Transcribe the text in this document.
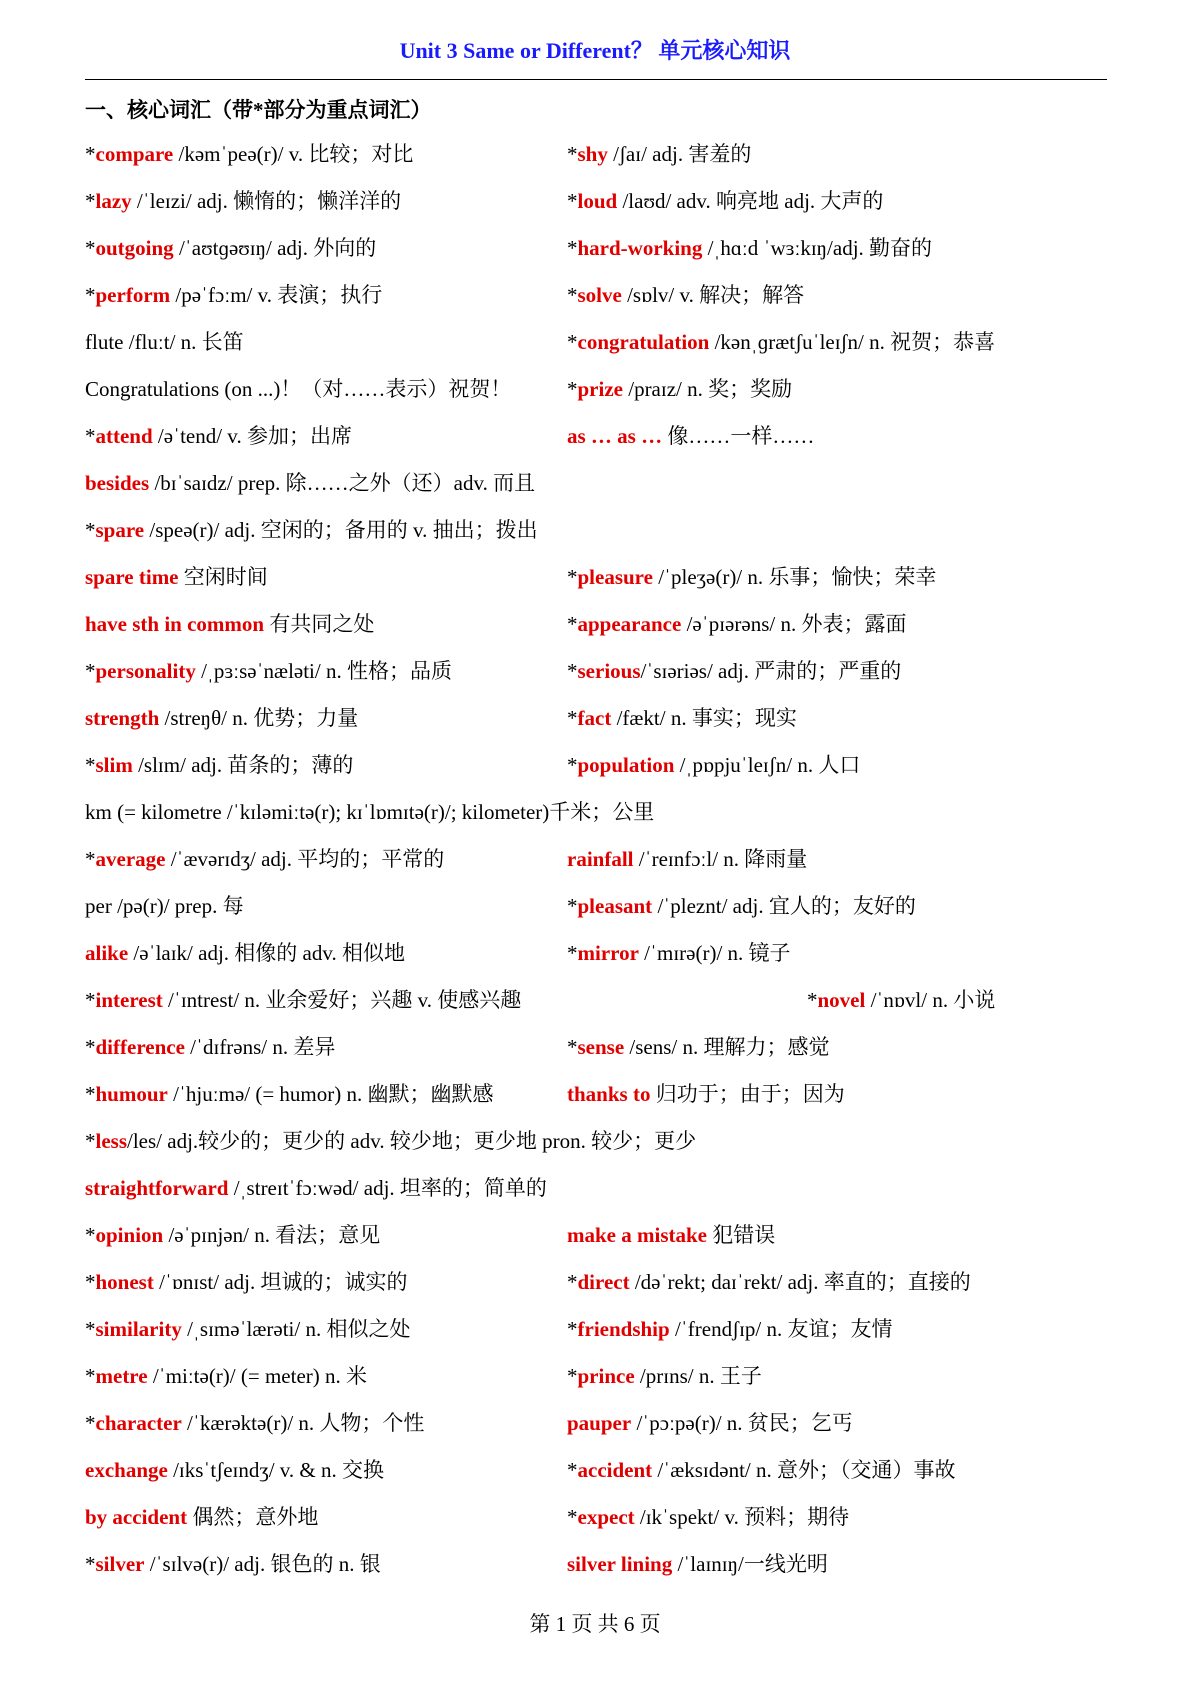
Unit 3 Same or Different？ 单元核心知识
一、核心词汇（带*部分为重点词汇）
*compare /kəmˈpeə(r)/ v. 比较；对比	*shy /ʃaɪ/ adj. 害羞的
*lazy /ˈleɪzi/ adj. 懒惰的；懒洋洋的	*loud /laʊd/ adv. 响亮地 adj. 大声的
*outgoing /ˈaʊtɡəʊɪŋ/ adj. 外向的	*hard-working /ˌhɑːd ˈwɜːkɪŋ/adj. 勤奋的
*perform /pəˈfɔːm/ v. 表演；执行	*solve /sɒlv/ v. 解决；解答
flute /fluːt/ n. 长笛	*congratulation /kənˌɡrætʃuˈleɪʃn/ n. 祝贺；恭喜
Congratulations (on ...)！（对……表示）祝贺！	*prize /praɪz/ n. 奖；奖励
*attend /əˈtend/ v. 参加；出席	as … as … 像……一样……
besides /bɪˈsaɪdz/ prep. 除……之外（还）adv. 而且
*spare /speə(r)/ adj. 空闲的；备用的 v. 抽出；拨出
spare time 空闲时间	*pleasure /ˈpleʒə(r)/ n. 乐事；愉快；荣幸
have sth in common 有共同之处	*appearance /əˈpɪərəns/ n. 外表；露面
*personality /ˌpɜːsəˈnæləti/ n. 性格；品质	*serious/ˈsɪəriəs/ adj. 严肃的；严重的
strength /streŋθ/ n. 优势；力量	*fact /fækt/ n. 事实；现实
*slim /slɪm/ adj. 苗条的；薄的	*population /ˌpɒpjuˈleɪʃn/ n. 人口
km (= kilometre /ˈkɪləmiːtə(r); kɪˈlɒmɪtə(r)/; kilometer)千米；公里
*average /ˈævərɪdʒ/ adj. 平均的；平常的	rainfall /ˈreɪnfɔːl/ n. 降雨量
per /pə(r)/ prep. 每	*pleasant /ˈpleznt/ adj. 宜人的；友好的
alike /əˈlaɪk/ adj. 相像的 adv. 相似地	*mirror /ˈmɪrə(r)/ n. 镜子
*interest /ˈɪntrest/ n. 业余爱好；兴趣 v. 使感兴趣	*novel /ˈnɒvl/ n. 小说
*difference /ˈdɪfrəns/ n. 差异	*sense /sens/ n. 理解力；感觉
*humour /ˈhjuːmə/ (= humor) n. 幽默；幽默感	thanks to 归功于；由于；因为
*less/les/ adj.较少的；更少的 adv. 较少地；更少地 pron. 较少；更少
straightforward /ˌstreɪtˈfɔːwəd/ adj. 坦率的；简单的
*opinion /əˈpɪnjən/ n. 看法；意见	make a mistake 犯错误
*honest /ˈɒnɪst/ adj. 坦诚的；诚实的	*direct /dəˈrekt; daɪˈrekt/ adj. 率直的；直接的
*similarity /ˌsɪməˈlærəti/ n. 相似之处	*friendship /ˈfrendʃɪp/ n. 友谊；友情
*metre /ˈmiːtə(r)/ (= meter) n. 米	*prince /prɪns/ n. 王子
*character /ˈkærəktə(r)/ n. 人物；个性	pauper /ˈpɔːpə(r)/ n. 贫民；乞丐
exchange /ɪksˈtʃeɪndʒ/ v. & n. 交换	*accident /ˈæksɪdənt/ n. 意外；（交通）事故
by accident 偶然；意外地	*expect /ɪkˈspekt/ v. 预料；期待
*silver /ˈsɪlvə(r)/ adj. 银色的 n. 银	silver lining /ˈlaɪnɪŋ/一线光明
第 1 页 共 6 页
